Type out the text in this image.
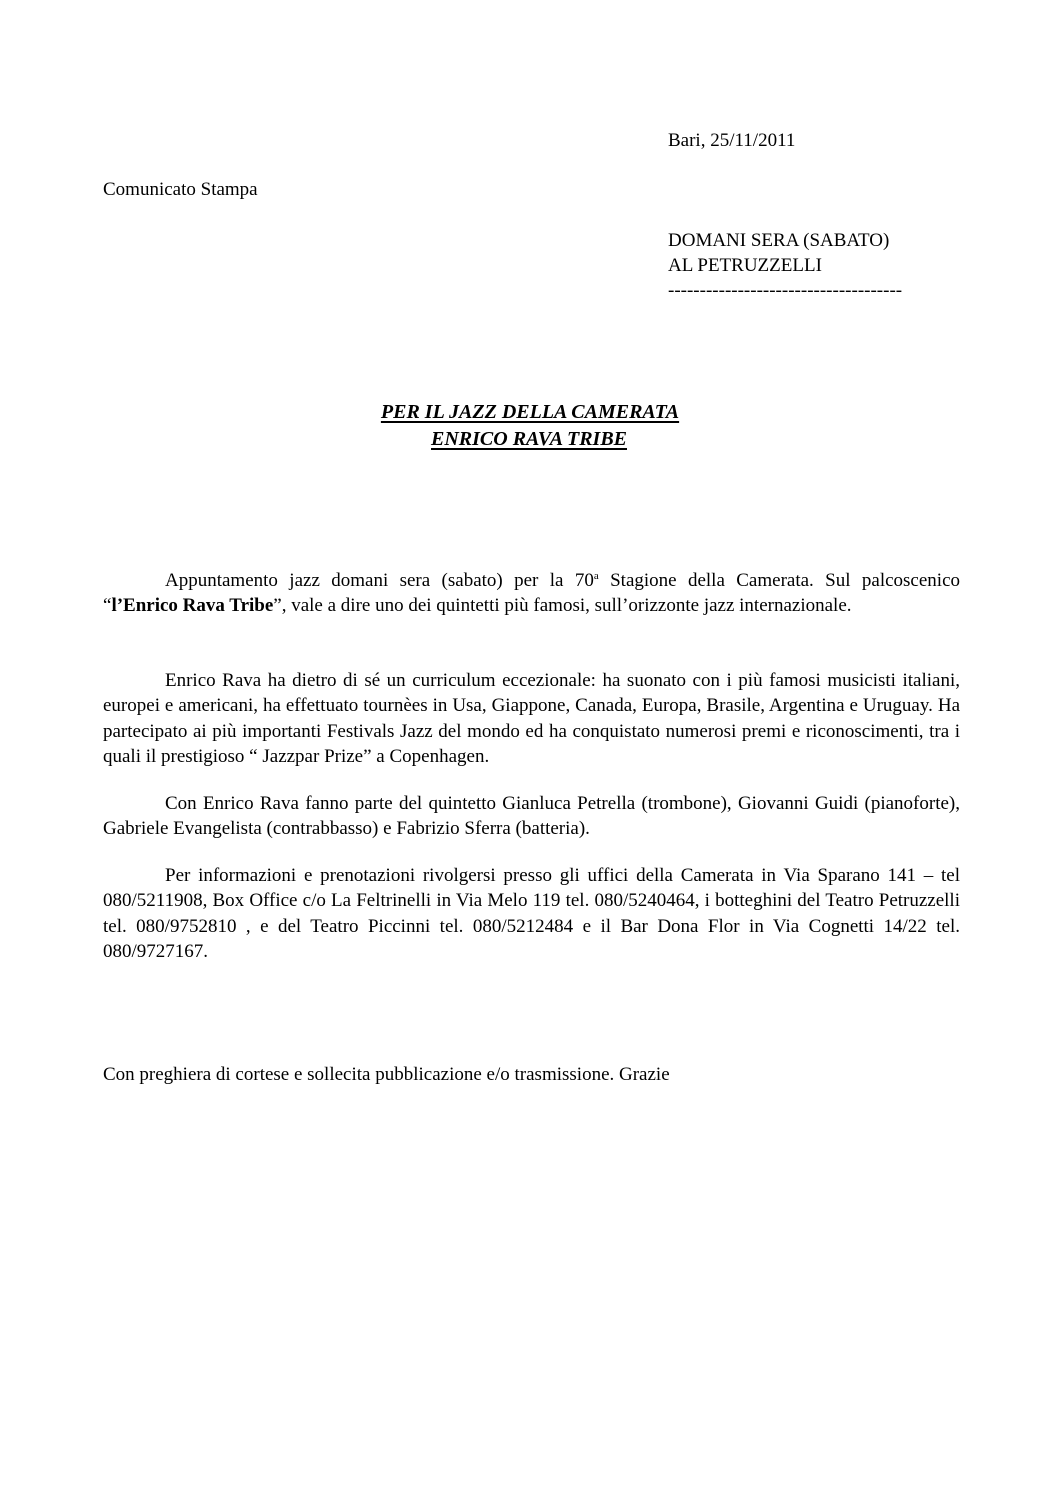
Bari, 25/11/2011

Comunicato Stampa

DOMANI SERA (SABATO)
AL PETRUZZELLI
-------------------------------------
PER IL JAZZ DELLA CAMERATA
ENRICO RAVA TRIBE

Appuntamento jazz domani sera (sabato) per la 70$^a$ Stagione della Camerata. Sul palcoscenico “l’Enrico Rava Tribe”, vale a dire uno dei quintetti più famosi, sull’orizzonte jazz internazionale.

Enrico Rava ha dietro di sé un curriculum eccezionale: ha suonato con i più famosi musicisti italiani, europei e americani, ha effettuato tournèes in Usa, Giappone, Canada, Europa, Brasile, Argentina e Uruguay. Ha partecipato ai più importanti Festivals Jazz del mondo ed ha conquistato numerosi premi e riconoscimenti, tra i quali il prestigioso “ Jazzpar Prize” a Copenhagen.

Con Enrico Rava fanno parte del quintetto Gianluca Petrella (trombone), Giovanni Guidi (pianoforte), Gabriele Evangelista (contrabbasso) e Fabrizio Sferra (batteria).

Per informazioni e prenotazioni rivolgersi presso gli uffici della Camerata in Via Sparano 141 – tel 080/5211908, Box Office c/o La Feltrinelli in Via Melo 119 tel. 080/5240464, i botteghini del Teatro Petruzzelli tel. 080/9752810 , e del Teatro Piccinni tel. 080/5212484 e il Bar Dona Flor in Via Cognetti 14/22 tel. 080/9727167.

Con preghiera di cortese e sollecita pubblicazione e/o trasmissione. Grazie
